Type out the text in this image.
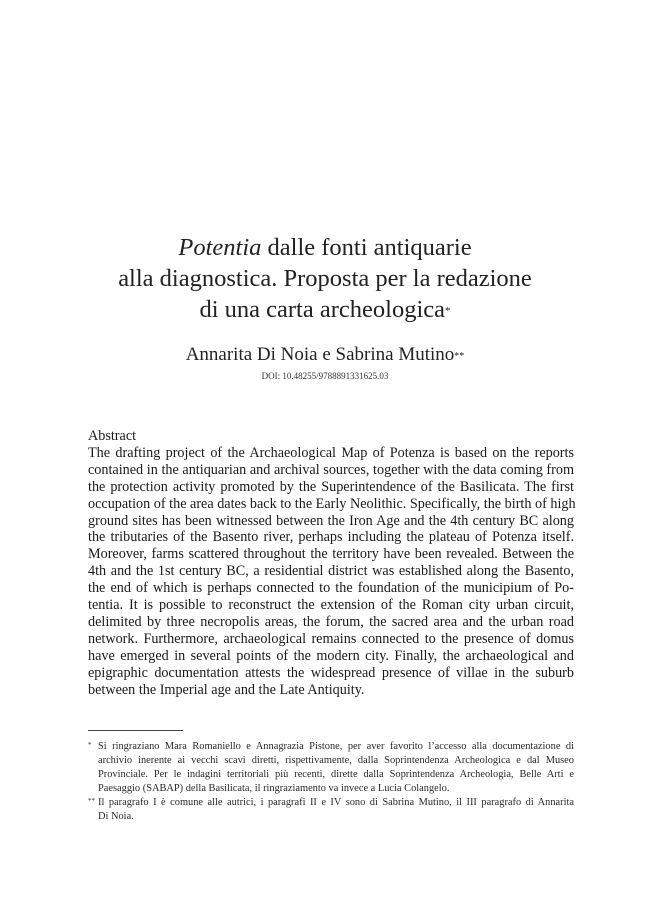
Potentia dalle fonti antiquarie
alla diagnostica. Proposta per la redazione
di una carta archeologica*
Annarita Di Noia e Sabrina Mutino**
DOI: 10.48255/9788891331625.03
Abstract
The drafting project of the Archaeological Map of Potenza is based on the reports
contained in the antiquarian and archival sources, together with the data coming from
the protection activity promoted by the Superintendence of the Basilicata. The first
occupation of the area dates back to the Early Neolithic. Specifically, the birth of high
ground sites has been witnessed between the Iron Age and the 4th century BC along
the tributaries of the Basento river, perhaps including the plateau of Potenza itself.
Moreover, farms scattered throughout the territory have been revealed. Between the
4th and the 1st century BC, a residential district was established along the Basento,
the end of which is perhaps connected to the foundation of the municipium of Po-
tentia. It is possible to reconstruct the extension of the Roman city urban circuit,
delimited by three necropolis areas, the forum, the sacred area and the urban road
network. Furthermore, archaeological remains connected to the presence of domus
have emerged in several points of the modern city. Finally, the archaeological and
epigraphic documentation attests the widespread presence of villae in the suburb
between the Imperial age and the Late Antiquity.
* Si ringraziano Mara Romaniello e Annagrazia Pistone, per aver favorito l’accesso alla documentazione di
archivio inerente ai vecchi scavi diretti, rispettivamente, dalla Soprintendenza Archeologica e dal Museo
Provinciale. Per le indagini territoriali più recenti, dirette dalla Soprintendenza Archeologia, Belle Arti e
Paesaggio (SABAP) della Basilicata, il ringraziamento va invece a Lucia Colangelo.
** Il paragrafo I è comune alle autrici, i paragrafi II e IV sono di Sabrina Mutino, il III paragrafo di Annarita
Di Noia.
